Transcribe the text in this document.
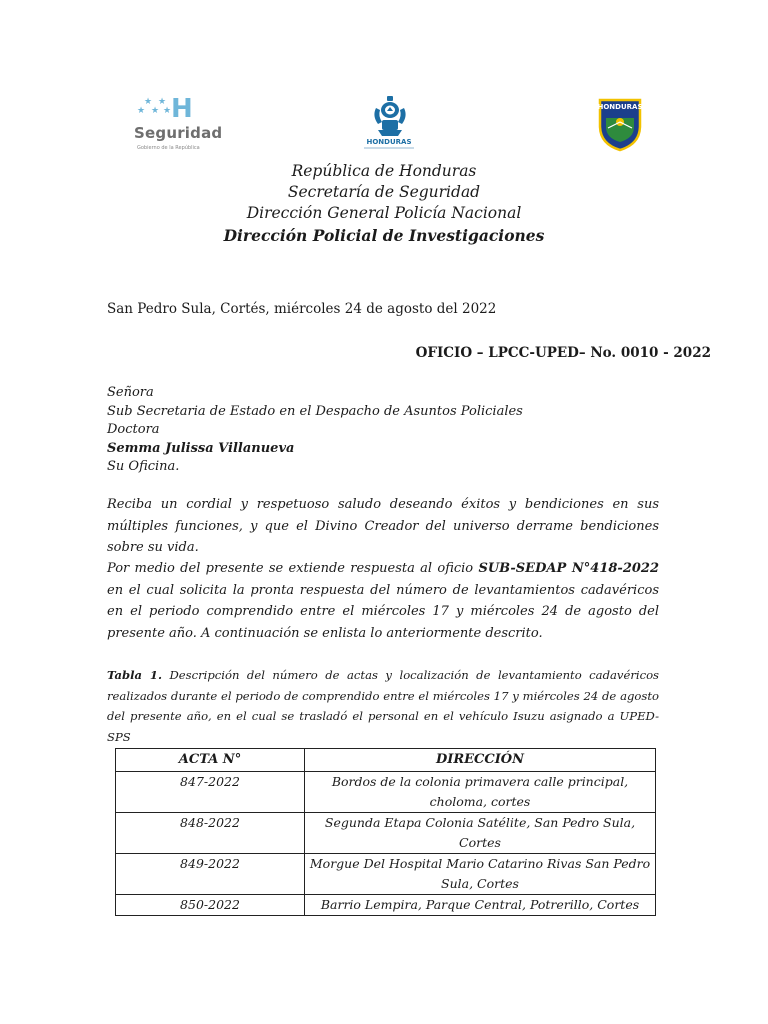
★ ★
★ ★ ★ H
Seguridad
Gobierno de la República
HONDURAS
HONDURAS
República de Honduras
Secretaría de Seguridad
Dirección General Policía Nacional
Dirección Policial de Investigaciones
San Pedro Sula, Cortés, miércoles 24 de agosto del 2022
OFICIO – LPCC-UPED– No. 0010 - 2022
Señora
Sub Secretaria de Estado en el Despacho de Asuntos Policiales
Doctora
Semma Julissa Villanueva
Su Oficina.
Reciba un cordial y respetuoso saludo deseando éxitos y bendiciones en sus múltiples funciones, y que el Divino Creador del universo derrame bendiciones sobre su vida.
Por medio del presente se extiende respuesta al oficio SUB-SEDAP N°418-2022 en el cual solicita la pronta respuesta del número de levantamientos cadavéricos en el periodo comprendido entre el miércoles 17 y miércoles 24 de agosto del presente año. A continuación se enlista lo anteriormente descrito.
Tabla 1. Descripción del número de actas y localización de levantamiento cadavéricos realizados durante el periodo de comprendido entre el miércoles 17 y miércoles 24 de agosto del presente año, en el cual se trasladó el personal en el vehículo Isuzu asignado a UPED-SPS
ACTA N°	DIRECCIÓN
847-2022	Bordos de la colonia primavera calle principal, choloma, cortes
848-2022	Segunda Etapa Colonia Satélite, San Pedro Sula, Cortes
849-2022	Morgue Del Hospital Mario Catarino Rivas San Pedro Sula, Cortes
850-2022	Barrio Lempira, Parque Central, Potrerillo, Cortes
